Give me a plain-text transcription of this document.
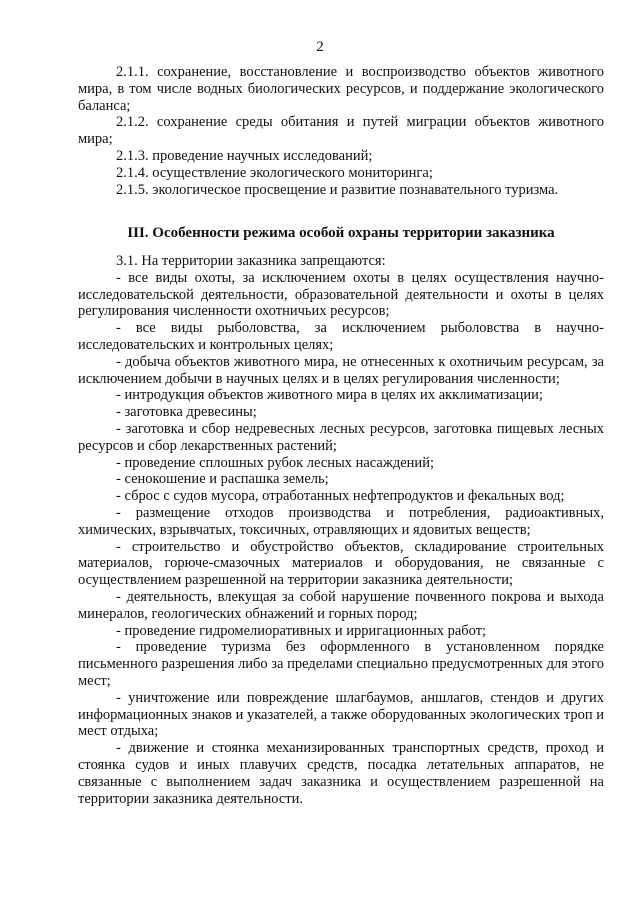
2

2.1.1. сохранение, восстановление и воспроизводство объектов животного мира, в том числе водных биологических ресурсов, и поддержание экологического баланса;

2.1.2. сохранение среды обитания и путей миграции объектов животного мира;

2.1.3. проведение научных исследований;

2.1.4. осуществление экологического мониторинга;

2.1.5. экологическое просвещение и развитие познавательного туризма.

III. Особенности режима особой охраны территории заказника

3.1. На территории заказника запрещаются:

- все виды охоты, за исключением охоты в целях осуществления научно-исследовательской деятельности, образовательной деятельности и охоты в целях регулирования численности охотничьих ресурсов;

- все виды рыболовства, за исключением рыболовства в научно-исследовательских и контрольных целях;

- добыча объектов животного мира, не отнесенных к охотничьим ресурсам, за исключением добычи в научных целях и в целях регулирования численности;

- интродукция объектов животного мира в целях их акклиматизации;

- заготовка древесины;

- заготовка и сбор недревесных лесных ресурсов, заготовка пищевых лесных ресурсов и сбор лекарственных растений;

- проведение сплошных рубок лесных насаждений;

- сенокошение и распашка земель;

- сброс с судов мусора, отработанных нефтепродуктов и фекальных вод;

- размещение отходов производства и потребления, радиоактивных, химических, взрывчатых, токсичных, отравляющих и ядовитых веществ;

- строительство и обустройство объектов, складирование строительных материалов, горюче-смазочных материалов и оборудования, не связанные с осуществлением разрешенной на территории заказника деятельности;

- деятельность, влекущая за собой нарушение почвенного покрова и выхода минералов, геологических обнажений и горных пород;

- проведение гидромелиоративных и ирригационных работ;

- проведение туризма без оформленного в установленном порядке письменного разрешения либо за пределами специально предусмотренных для этого мест;

- уничтожение или повреждение шлагбаумов, аншлагов, стендов и других информационных знаков и указателей, а также оборудованных экологических троп и мест отдыха;

- движение и стоянка механизированных транспортных средств, проход и стоянка судов и иных плавучих средств, посадка летательных аппаратов, не связанные с выполнением задач заказника и осуществлением разрешенной на территории заказника деятельности.
